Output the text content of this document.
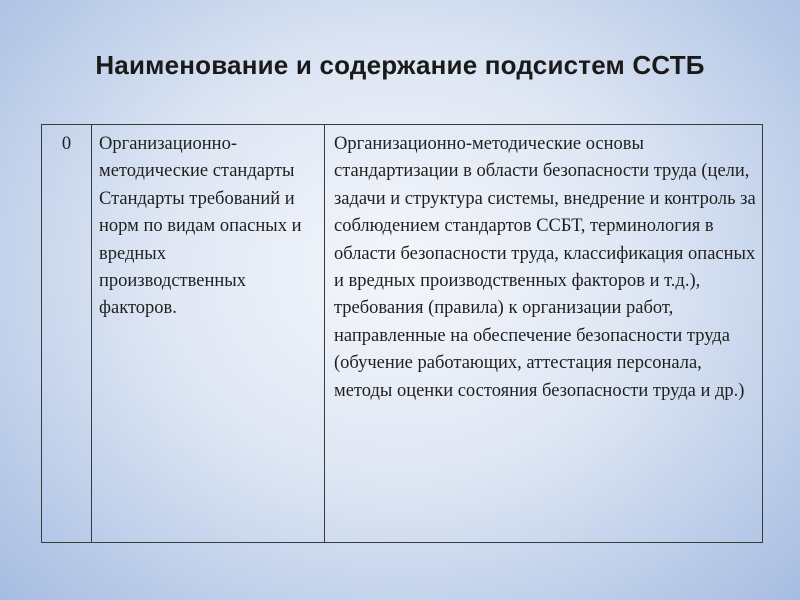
Наименование и содержание подсистем ССТБ
0	Организационно-методические стандарты Стандарты требований и норм по видам опасных и вредных производственных факторов.	Организационно-методические основы стандартизации в области безопасности труда (цели, задачи и структура системы, внедрение и контроль за соблюдением стандартов ССБТ, терминология в области безопасности труда, классификация опасных и вредных производственных факторов и т.д.), требования (правила) к организации работ, направленные на обеспечение безопасности труда (обучение работающих, аттестация персонала, методы оценки состояния безопасности труда и др.)
